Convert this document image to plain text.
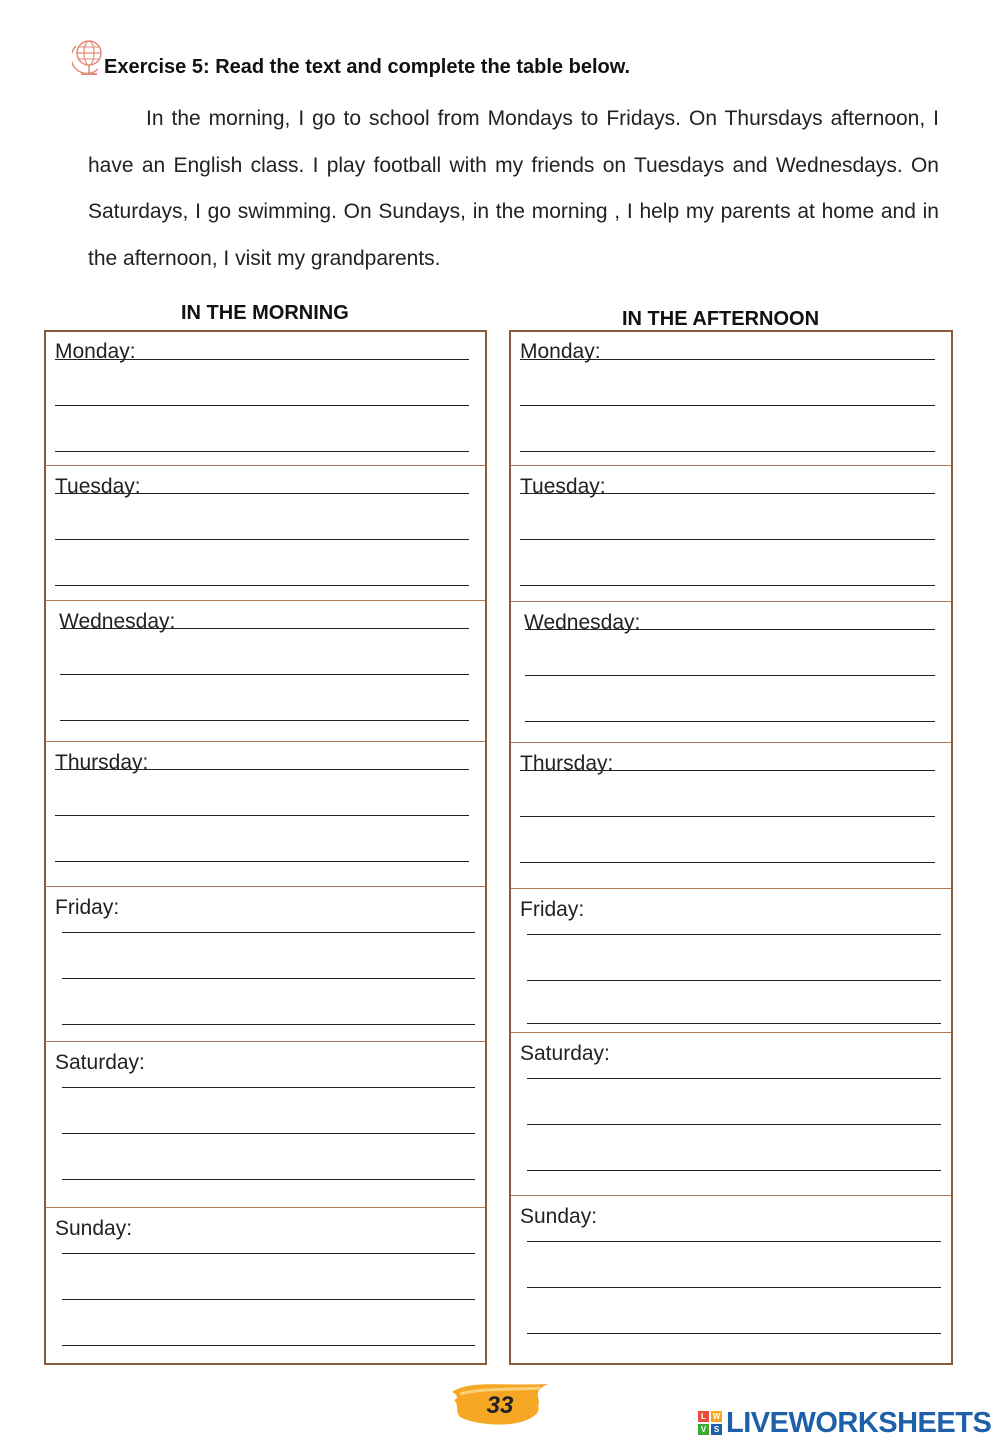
Exercise 5: Read the text and complete the table below.
In the morning, I go to school from Mondays to Fridays. On Thursdays afternoon, I have an English class. I play football with my friends on Tuesdays and Wednesdays. On Saturdays, I go swimming. On Sundays, in the morning , I help my parents at home and in the afternoon, I visit my grandparents.
IN THE MORNING	IN THE AFTERNOON
Monday:
Tuesday:
Wednesday:
Thursday:
Friday:
Saturday:
Sunday:
Monday:
Tuesday:
Wednesday:
Thursday:
Friday:
Saturday:
Sunday:
33	L W
V S LIVEWORKSHEETS
